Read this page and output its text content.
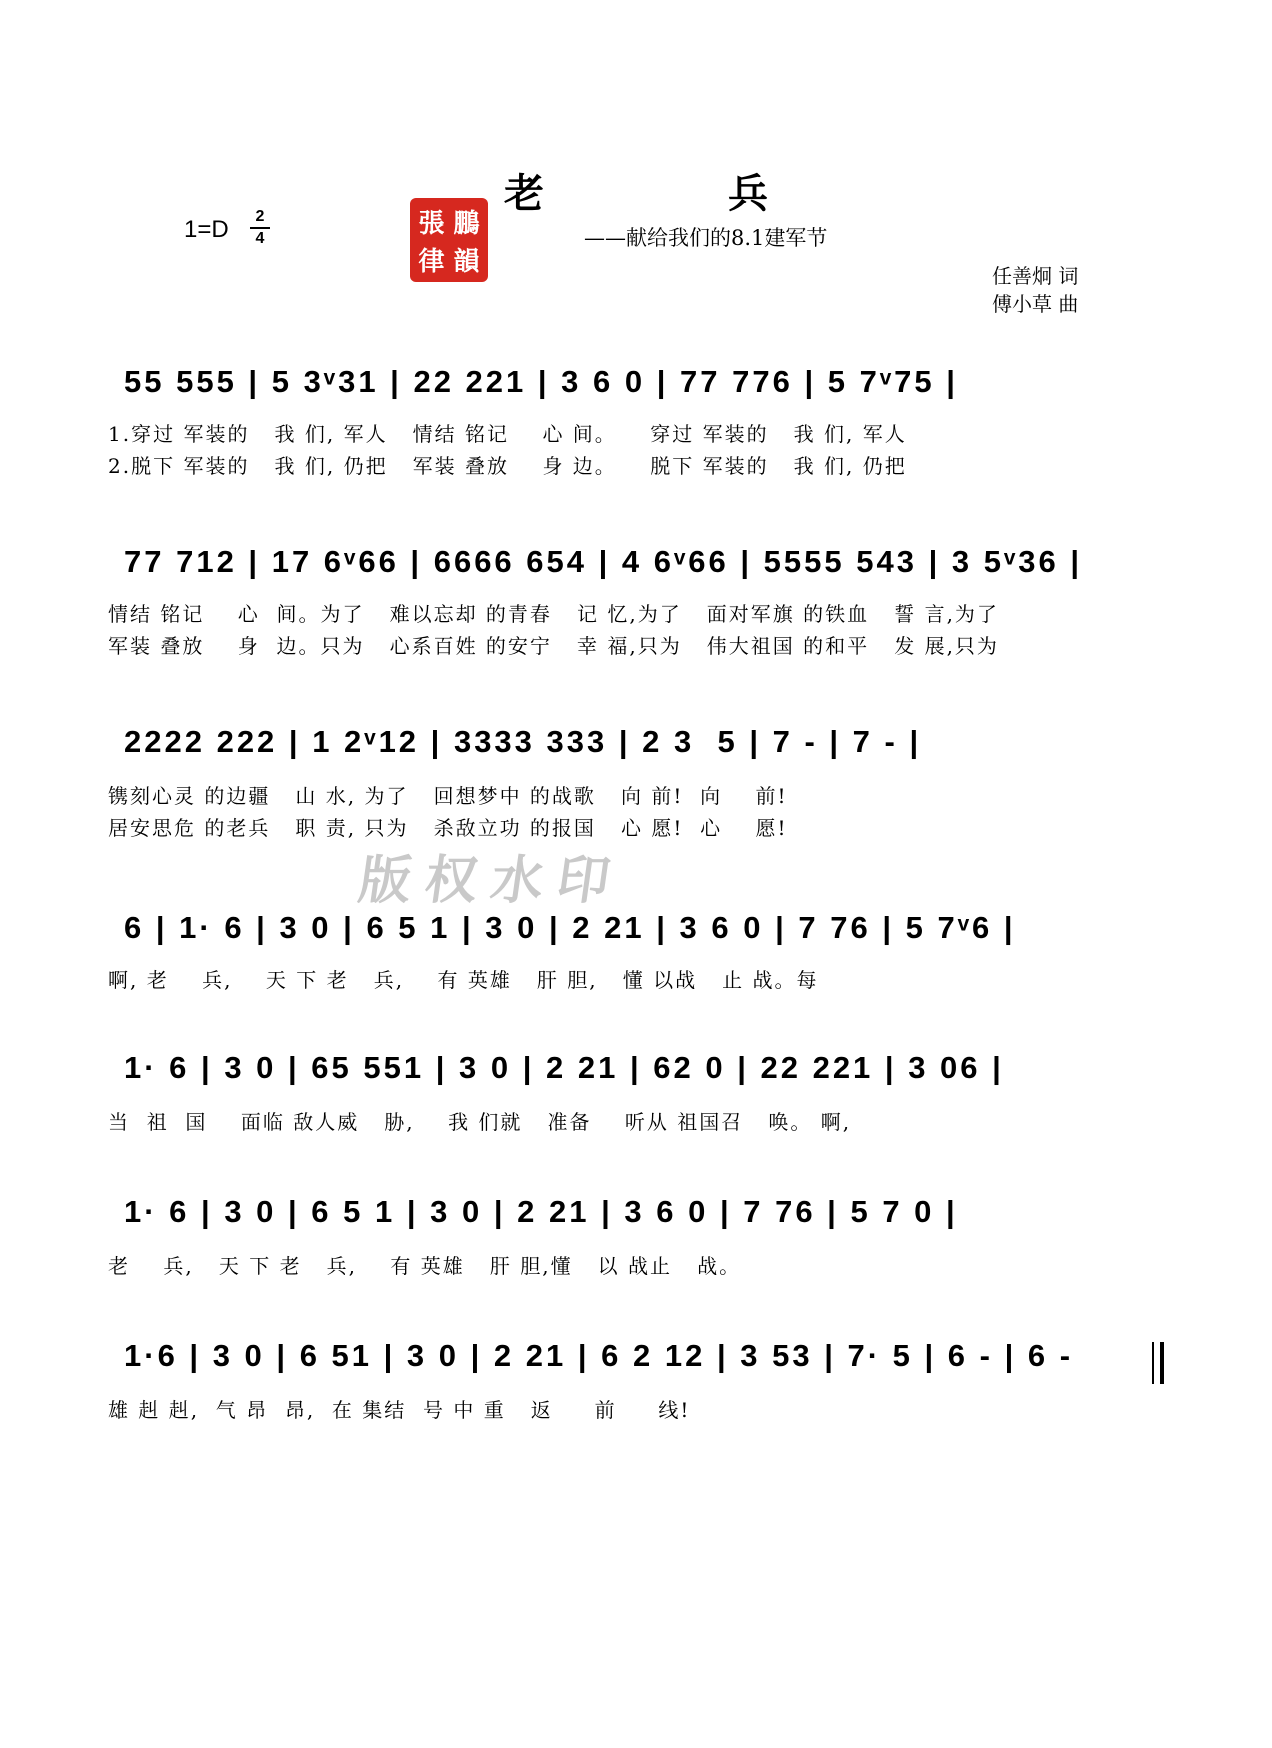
老　兵
——献给我们的8.1建军节
1=D	2
4
任善炯 词
傅小草 曲
張 鵬
律 韻
55 555 | 5 3ᵛ31 | 22 221 | 3 6 0 | 77 776 | 5 7ᵛ75 |
1.穿过 军装的   我 们, 军人   情结 铭记    心 间。    穿过 军装的   我 们, 军人
2.脱下 军装的   我 们, 仍把   军装 叠放    身 边。    脱下 军装的   我 们, 仍把
77 712 | 17 6ᵛ66 | 6666 654 | 4 6ᵛ66 | 5555 543 | 3 5ᵛ36 |
情结 铭记    心  间。为了   难以忘却 的青春   记 忆,为了   面对军旗 的铁血   誓 言,为了
军装 叠放    身  边。只为   心系百姓 的安宁   幸 福,只为   伟大祖国 的和平   发 展,只为
2222 222 | 1 2ᵛ12 | 3333 333 | 2 3  5 | 7 - | 7 - |
镌刻心灵 的边疆   山 水, 为了   回想梦中 的战歌   向 前!  向    前!
居安思危 的老兵   职 责, 只为   杀敌立功 的报国   心 愿!  心    愿!
版权水印
6 | 1· 6 | 3 0 | 6 5 1 | 3 0 | 2 21 | 3 6 0 | 7 76 | 5 7ᵛ6 |
啊, 老    兵,    天 下 老   兵,    有 英雄   肝 胆,   懂 以战   止 战。每
1· 6 | 3 0 | 65 551 | 3 0 | 2 21 | 62 0 | 22 221 | 3 06 |
当  祖  国    面临 敌人威   胁,    我 们就   准备    听从 祖国召   唤。 啊,
1· 6 | 3 0 | 6 5 1 | 3 0 | 2 21 | 3 6 0 | 7 76 | 5 7 0 |
老    兵,   天 下 老   兵,    有 英雄   肝 胆,懂   以 战止   战。
1·6 | 3 0 | 6 51 | 3 0 | 2 21 | 6 2 12 | 3 53 | 7· 5 | 6 - | 6 -
雄 赳 赳,  气 昂  昂,  在 集结  号 中 重   返     前     线!
